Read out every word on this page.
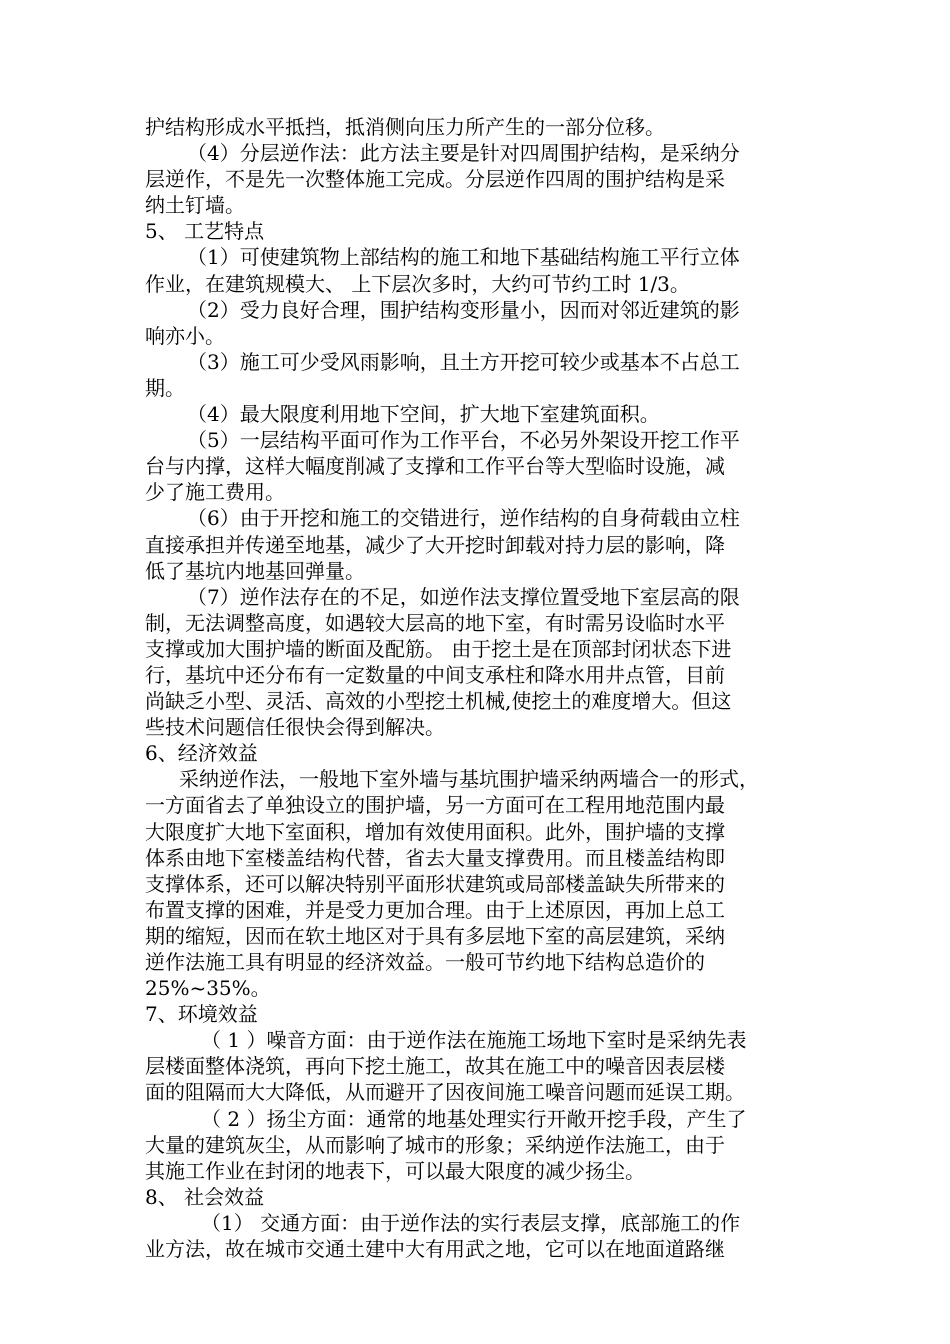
护结构形成水平抵挡，抵消侧向压力所产生的一部分位移。
（4）分层逆作法：此方法主要是针对四周围护结构，是采纳分
层逆作，不是先一次整体施工完成。分层逆作四周的围护结构是采
纳土钉墙。
5、 工艺特点
（1）可使建筑物上部结构的施工和地下基础结构施工平行立体
作业，在建筑规模大、 上下层次多时，大约可节约工时 1/3。
（2）受力良好合理，围护结构变形量小，因而对邻近建筑的影
响亦小。
（3）施工可少受风雨影响，且土方开挖可较少或基本不占总工
期。
（4）最大限度利用地下空间，扩大地下室建筑面积。
（5）一层结构平面可作为工作平台，不必另外架设开挖工作平
台与内撑，这样大幅度削减了支撑和工作平台等大型临时设施，减
少了施工费用。
（6）由于开挖和施工的交错进行，逆作结构的自身荷载由立柱
直接承担并传递至地基，减少了大开挖时卸载对持力层的影响，降
低了基坑内地基回弹量。
（7）逆作法存在的不足，如逆作法支撑位置受地下室层高的限
制，无法调整高度，如遇较大层高的地下室，有时需另设临时水平
支撑或加大围护墙的断面及配筋。 由于挖土是在顶部封闭状态下进
行，基坑中还分布有一定数量的中间支承柱和降水用井点管，目前
尚缺乏小型、灵活、高效的小型挖土机械,使挖土的难度增大。但这
些技术问题信任很快会得到解决。
6、经济效益
采纳逆作法，一般地下室外墙与基坑围护墙采纳两墙合一的形式，
一方面省去了单独设立的围护墙，另一方面可在工程用地范围内最
大限度扩大地下室面积，增加有效使用面积。此外，围护墙的支撑
体系由地下室楼盖结构代替，省去大量支撑费用。而且楼盖结构即
支撑体系，还可以解决特别平面形状建筑或局部楼盖缺失所带来的
布置支撑的困难，并是受力更加合理。由于上述原因，再加上总工
期的缩短，因而在软土地区对于具有多层地下室的高层建筑，采纳
逆作法施工具有明显的经济效益。一般可节约地下结构总造价的
25%~35%。
7、环境效益
（ 1 ）噪音方面：由于逆作法在施施工场地下室时是采纳先表
层楼面整体浇筑，再向下挖土施工，故其在施工中的噪音因表层楼
面的阻隔而大大降低，从而避开了因夜间施工噪音问题而延误工期。
（ 2 ）扬尘方面：通常的地基处理实行开敞开挖手段，产生了
大量的建筑灰尘，从而影响了城市的形象；采纳逆作法施工，由于
其施工作业在封闭的地表下，可以最大限度的减少扬尘。
8、 社会效益
（1） 交通方面：由于逆作法的实行表层支撑，底部施工的作
业方法，故在城市交通土建中大有用武之地，它可以在地面道路继
